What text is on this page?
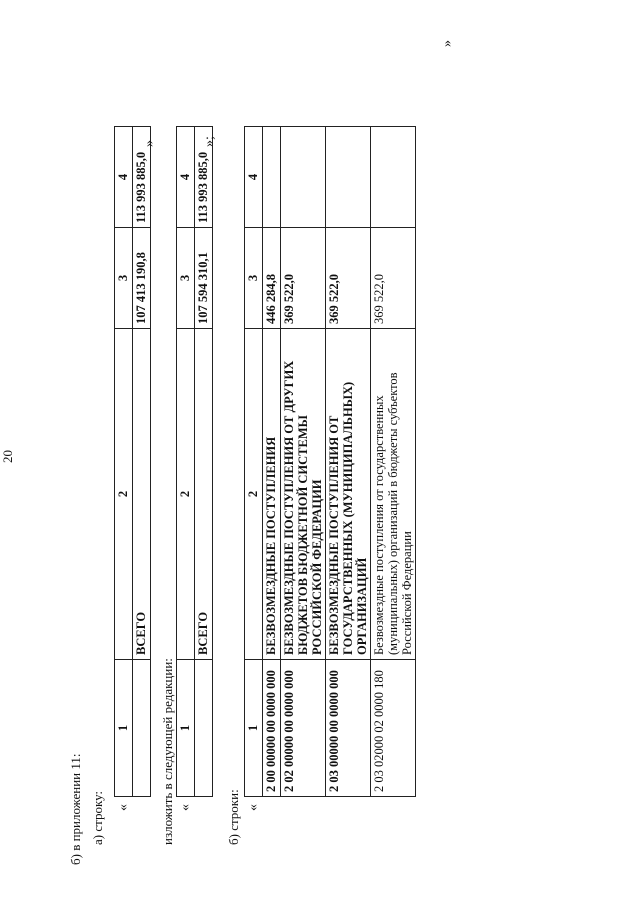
20
б) в приложении 11: а) строку: «
1	2	3	4
	ВСЕГО	107 413 190,8	113 993 885,0
»
изложить в следующей редакции: «
1	2	3	4
	ВСЕГО	107 594 310,1	113 993 885,0
»;
б) строки: «
1	2	3	4
2 00 00000 00 0000 000	БЕЗВОЗМЕЗДНЫЕ ПОСТУПЛЕНИЯ	446 284,8	
2 02 00000 00 0000 000	БЕЗВОЗМЕЗДНЫЕ ПОСТУПЛЕНИЯ ОТ ДРУГИХ БЮДЖЕТОВ БЮДЖЕТНОЙ СИСТЕМЫ РОССИЙСКОЙ ФЕДЕРАЦИИ	369 522,0	
2 03 00000 00 0000 000	БЕЗВОЗМЕЗДНЫЕ ПОСТУПЛЕНИЯ ОТ ГОСУДАРСТВЕННЫХ (МУНИЦИПАЛЬНЫХ) ОРГАНИЗАЦИЙ	369 522,0	
2 03 02000 02 0000 180	Безвозмездные поступления от государственных (муниципальных) организаций в бюджеты субъектов Российской Федерации	369 522,0	
»
